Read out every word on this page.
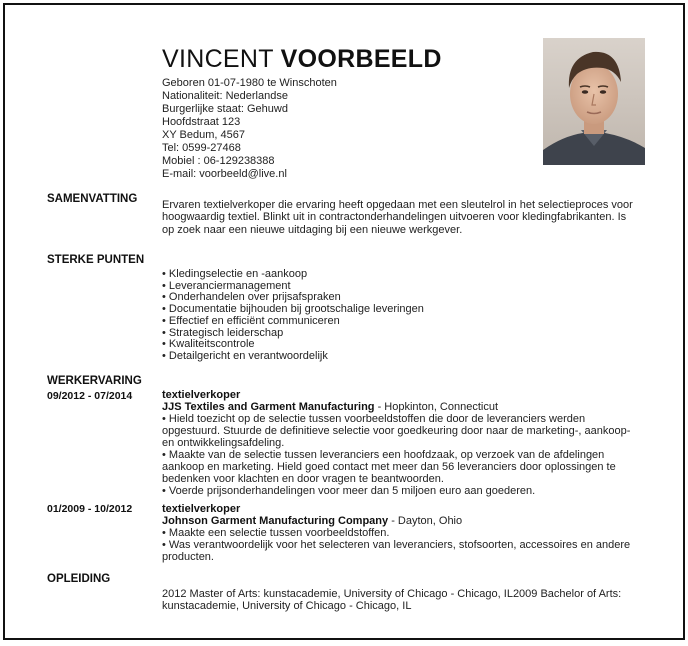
VINCENT VOORBEELD
Geboren 01-07-1980 te Winschoten
Nationaliteit: Nederlandse
Burgerlijke staat: Gehuwd
Hoofdstraat 123
XY Bedum, 4567
Tel: 0599-27468
Mobiel : 06-129238388
E-mail: voorbeeld@live.nl
SAMENVATTING Ervaren textielverkoper die ervaring heeft opgedaan met een sleutelrol in het selectieproces voor hoogwaardig textiel. Blinkt uit in contractonderhandelingen uitvoeren voor kledingfabrikanten. Is op zoek naar een nieuwe uitdaging bij een nieuwe werkgever.
STERKE PUNTEN
• Kledingselectie en -aankoop
• Leveranciermanagement
• Onderhandelen over prijsafspraken
• Documentatie bijhouden bij grootschalige leveringen
• Effectief en efficiënt communiceren
• Strategisch leiderschap
• Kwaliteitscontrole
• Detailgericht en verantwoordelijk
WERKERVARING
09/2012 - 07/2014	textielverkoper

JJS Textiles and Garment Manufacturing - Hopkinton, Connecticut

• Hield toezicht op de selectie tussen voorbeeldstoffen die door de leveranciers werden opgestuurd. Stuurde de definitieve selectie voor goedkeuring door naar de marketing-, aankoop- en ontwikkelingsafdeling.

• Maakte van de selectie tussen leveranciers een hoofdzaak, op verzoek van de afdelingen aankoop en marketing. Hield goed contact met meer dan 56 leveranciers door oplossingen te bedenken voor klachten en door vragen te beantwoorden.

• Voerde prijsonderhandelingen voor meer dan 5 miljoen euro aan goederen.

01/2009 - 10/2012	textielverkoper

Johnson Garment Manufacturing Company - Dayton, Ohio

• Maakte een selectie tussen voorbeeldstoffen.

• Was verantwoordelijk voor het selecteren van leveranciers, stofsoorten, accessoires en andere producten.

OPLEIDING
2012 Master of Arts: kunstacademie, University of Chicago - Chicago, IL2009 Bachelor of Arts: kunstacademie, University of Chicago - Chicago, IL
